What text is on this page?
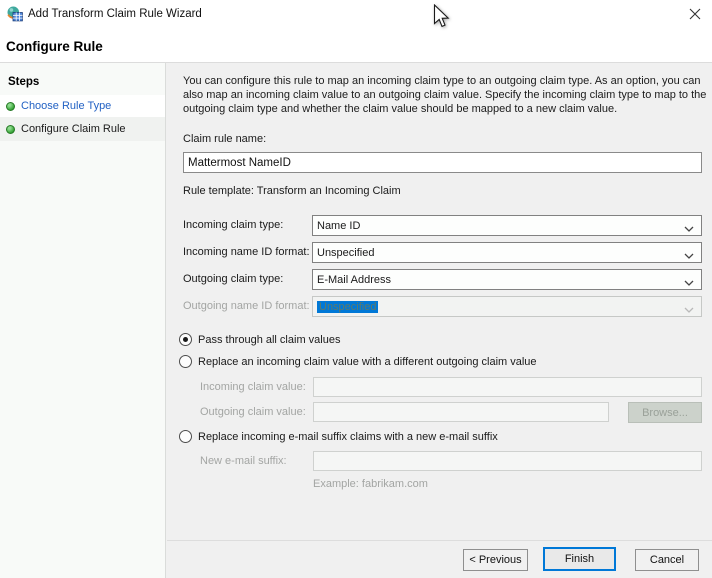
Add Transform Claim Rule Wizard
Configure Rule
Steps
Choose Rule Type
Configure Claim Rule
You can configure this rule to map an incoming claim type to an outgoing claim type. As an option, you can also map an incoming claim value to an outgoing claim value. Specify the incoming claim type to map to the outgoing claim type and whether the claim value should be mapped to a new claim value.
Claim rule name:
Mattermost NameID
Rule template: Transform an Incoming Claim
Incoming claim type:	Name ID
Incoming name ID format: Unspecified
Outgoing claim type:	E-Mail Address
Outgoing name ID format: Unspecified
Pass through all claim values
Replace an incoming claim value with a different outgoing claim value
Incoming claim value:
Outgoing claim value:	Browse...
Replace incoming e-mail suffix claims with a new e-mail suffix
New e-mail suffix:
Example: fabrikam.com
< Previous	Finish	Cancel
